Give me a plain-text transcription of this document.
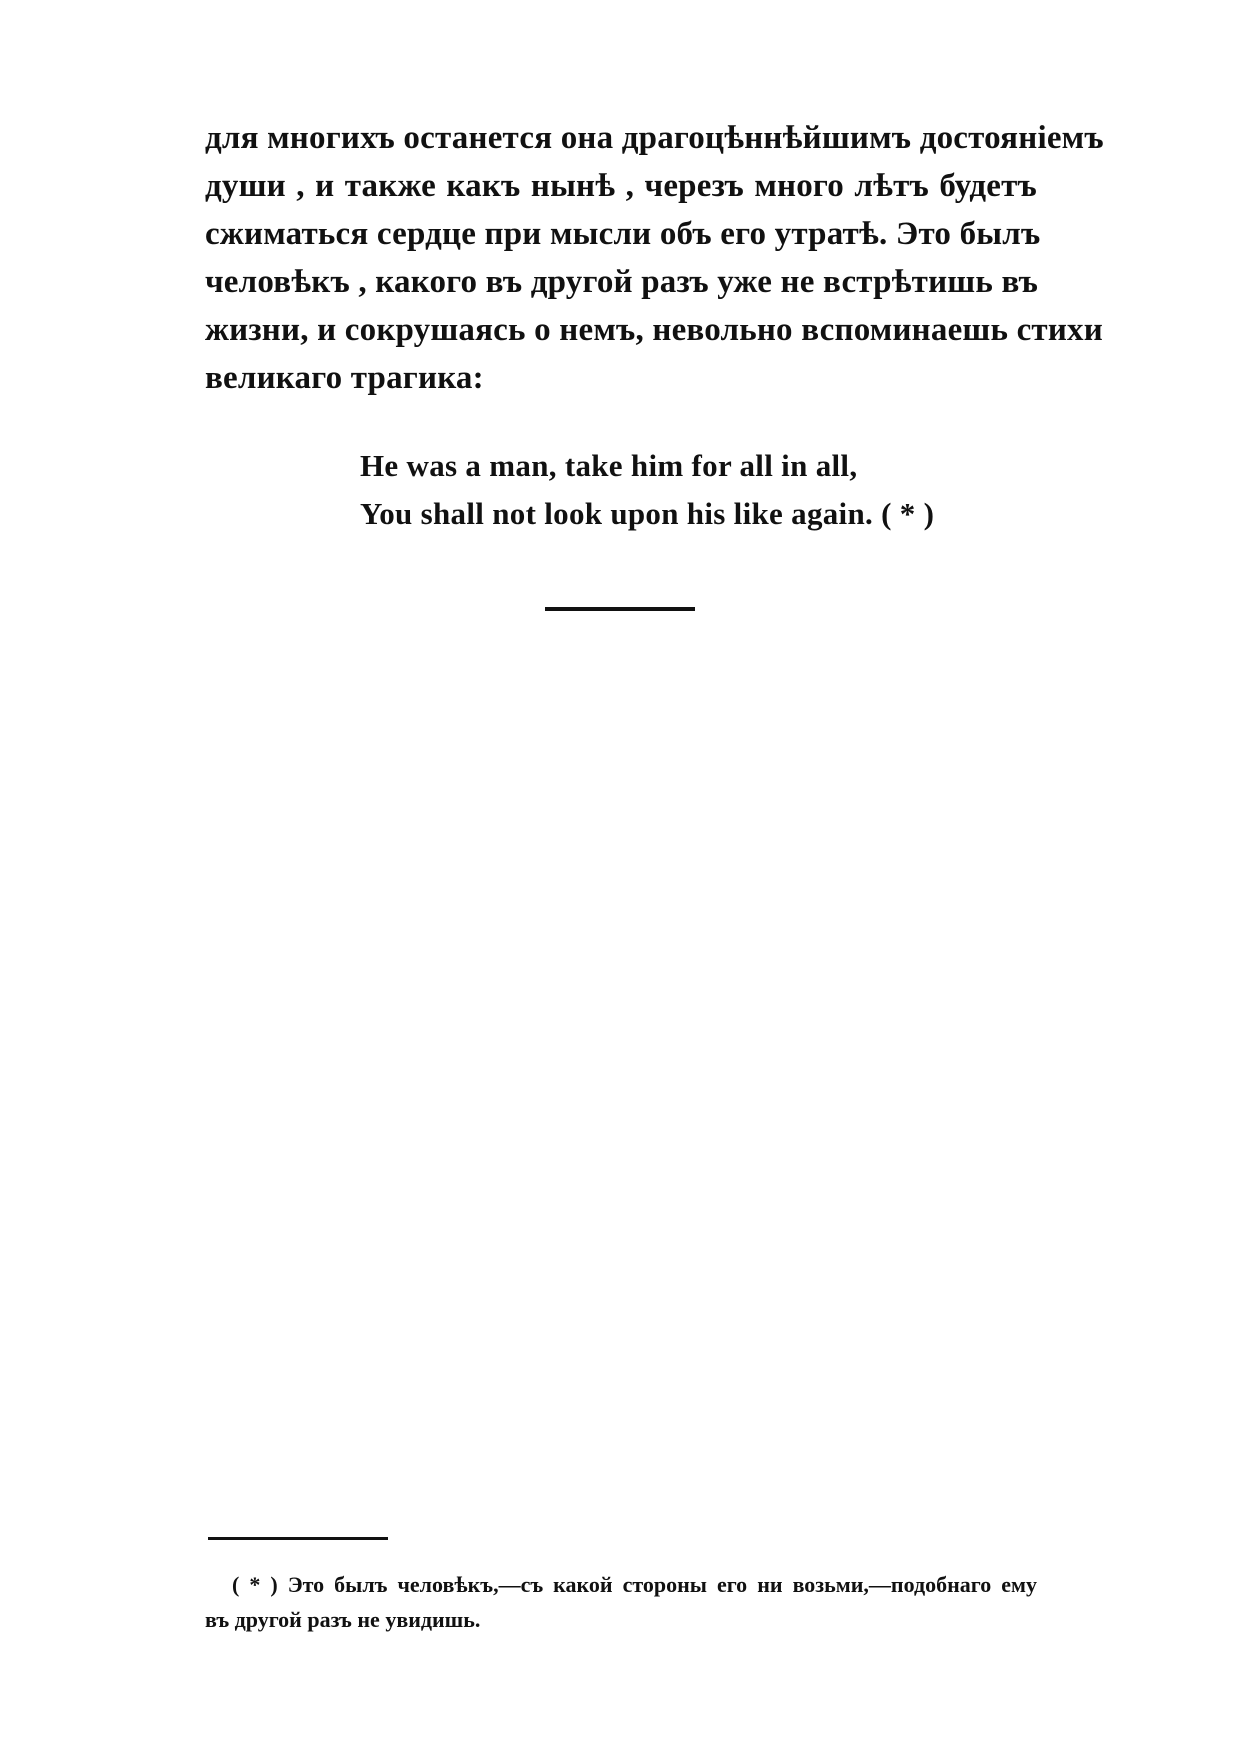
для многихъ останется она драгоцѣннѣйшимъ достояніемъ
души , и также какъ нынѣ , черезъ много лѣтъ будетъ
сжиматься сердце при мысли объ его утратѣ. Это былъ
человѣкъ , какого въ другой разъ уже не встрѣтишь въ
жизни, и сокрушаясь о немъ, невольно вспоминаешь стихи
великаго трагика:
He was a man, take him for all in all,
You shall not look upon his like again. ( * )
( * ) Это былъ человѣкъ,—съ какой стороны его ни возьми,—подобнаго ему
въ другой разъ не увидишь.
